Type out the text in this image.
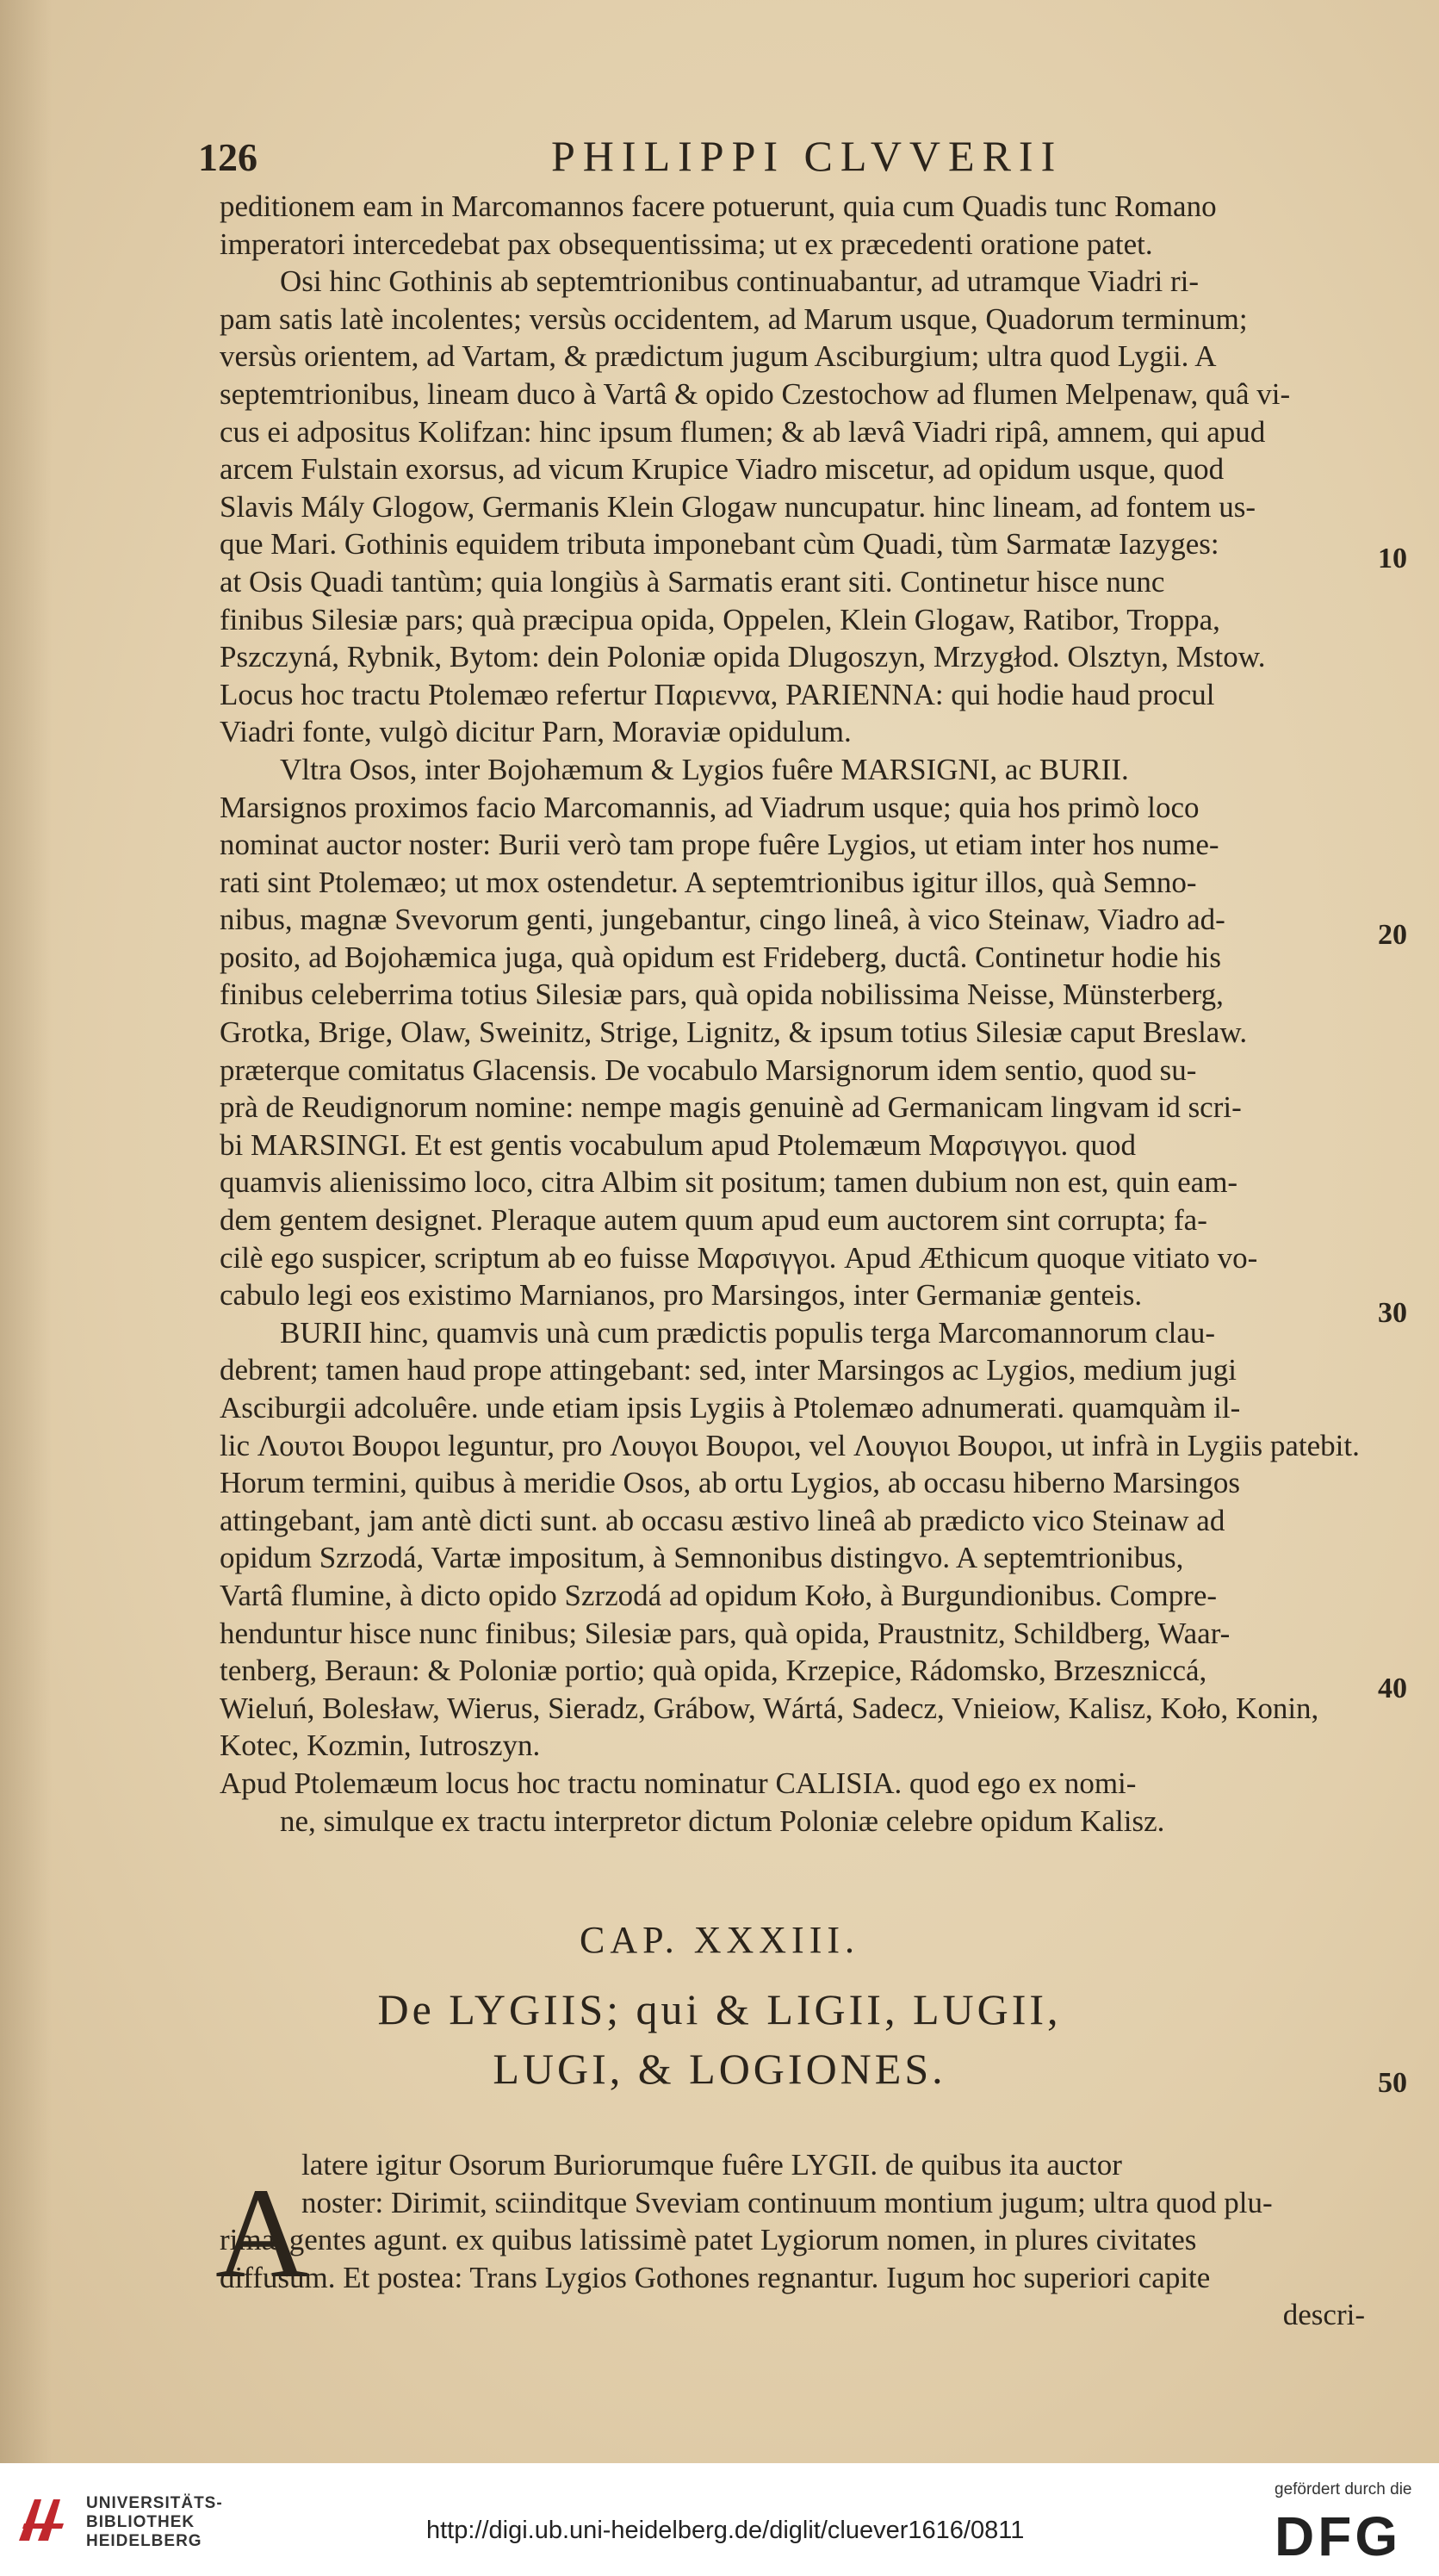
126	PHILIPPI CLVVERII
peditionem eam in Marcomannos facere potuerunt, quia cum Quadis tunc Romano
imperatori intercedebat pax obsequentissima; ut ex præcedenti oratione patet.
Osi hinc Gothinis ab septemtrionibus continuabantur, ad utramque Viadri ri-
pam satis latè incolentes; versùs occidentem, ad Marum usque, Quadorum terminum;
versùs orientem, ad Vartam, & prædictum jugum Asciburgium; ultra quod Lygii. A
septemtrionibus, lineam duco à Vartâ & opido Czestochow ad flumen Melpenaw, quâ vi-
cus ei adpositus Kolifzan: hinc ipsum flumen; & ab lævâ Viadri ripâ, amnem, qui apud
arcem Fulstain exorsus, ad vicum Krupice Viadro miscetur, ad opidum usque, quod
Slavis Mály Glogow, Germanis Klein Glogaw nuncupatur. hinc lineam, ad fontem us-
que Mari. Gothinis equidem tributa imponebant cùm Quadi, tùm Sarmatæ Iazyges:
at Osis Quadi tantùm; quia longiùs à Sarmatis erant siti. Continetur hisce nunc
finibus Silesiæ pars; quà præcipua opida, Oppelen, Klein Glogaw, Ratibor, Troppa,
Pszczyná, Rybnik, Bytom: dein Poloniæ opida Dlugoszyn, Mrzygłod. Olsztyn, Mstow.
Locus hoc tractu Ptolemæo refertur Παριεννα, PARIENNA: qui hodie haud procul
Viadri fonte, vulgò dicitur Parn, Moraviæ opidulum.
Vltra Osos, inter Bojohæmum & Lygios fuêre MARSIGNI, ac BURII.
Marsignos proximos facio Marcomannis, ad Viadrum usque; quia hos primò loco
nominat auctor noster: Burii verò tam prope fuêre Lygios, ut etiam inter hos nume-
rati sint Ptolemæo; ut mox ostendetur. A septemtrionibus igitur illos, quà Semno-
nibus, magnæ Svevorum genti, jungebantur, cingo lineâ, à vico Steinaw, Viadro ad-
posito, ad Bojohæmica juga, quà opidum est Frideberg, ductâ. Continetur hodie his
finibus celeberrima totius Silesiæ pars, quà opida nobilissima Neisse, Münsterberg,
Grotka, Brige, Olaw, Sweinitz, Strige, Lignitz, & ipsum totius Silesiæ caput Breslaw.
præterque comitatus Glacensis. De vocabulo Marsignorum idem sentio, quod su-
prà de Reudignorum nomine: nempe magis genuinè ad Germanicam lingvam id scri-
bi MARSINGI. Et est gentis vocabulum apud Ptolemæum Μαρσιγγοι. quod
quamvis alienissimo loco, citra Albim sit positum; tamen dubium non est, quin eam-
dem gentem designet. Pleraque autem quum apud eum auctorem sint corrupta; fa-
cilè ego suspicer, scriptum ab eo fuisse Μαρσιγγοι. Apud Æthicum quoque vitiato vo-
cabulo legi eos existimo Marnianos, pro Marsingos, inter Germaniæ genteis.
BURII hinc, quamvis unà cum prædictis populis terga Marcomannorum clau-
debrent; tamen haud prope attingebant: sed, inter Marsingos ac Lygios, medium jugi
Asciburgii adcoluêre. unde etiam ipsis Lygiis à Ptolemæo adnumerati. quamquàm il-
lic Λουτοι Βουροι leguntur, pro Λουγοι Βουροι, vel Λουγιοι Βουροι, ut infrà in Lygiis patebit.
Horum termini, quibus à meridie Osos, ab ortu Lygios, ab occasu hiberno Marsingos
attingebant, jam antè dicti sunt. ab occasu æstivo lineâ ab prædicto vico Steinaw ad
opidum Szrzodá, Vartæ impositum, à Semnonibus distingvo. A septemtrionibus,
Vartâ flumine, à dicto opido Szrzodá ad opidum Koło, à Burgundionibus. Compre-
henduntur hisce nunc finibus; Silesiæ pars, quà opida, Praustnitz, Schildberg, Waar-
tenberg, Beraun: & Poloniæ portio; quà opida, Krzepice, Rádomsko, Brzeszniccá,
Wieluń, Bolesław, Wierus, Sieradz, Grábow, Wártá, Sadecz, Vnieiow, Kalisz, Koło, Konin,
Kotec, Kozmin, Iutroszyn.
Apud Ptolemæum locus hoc tractu nominatur CALISIA. quod ego ex nomi-
ne, simulque ex tractu interpretor dictum Poloniæ celebre opidum Kalisz.
10
20
30
40
50
CAP. XXXIII.
De LYGIIS; qui & LIGII, LUGII,
LUGI, & LOGIONES.
A
latere igitur Osorum Buriorumque fuêre LYGII. de quibus ita auctor
noster: Dirimit, sciinditque Sveviam continuum montium jugum; ultra quod plu-
rimæ gentes agunt. ex quibus latissimè patet Lygiorum nomen, in plures civitates
diffusum. Et postea: Trans Lygios Gothones regnantur. Iugum hoc superiori capite
descri-
UNIVERSITÄTS-
BIBLIOTHEK
HEIDELBERG	http://digi.ub.uni-heidelberg.de/diglit/cluever1616/0811
gefördert durch die
DFG
